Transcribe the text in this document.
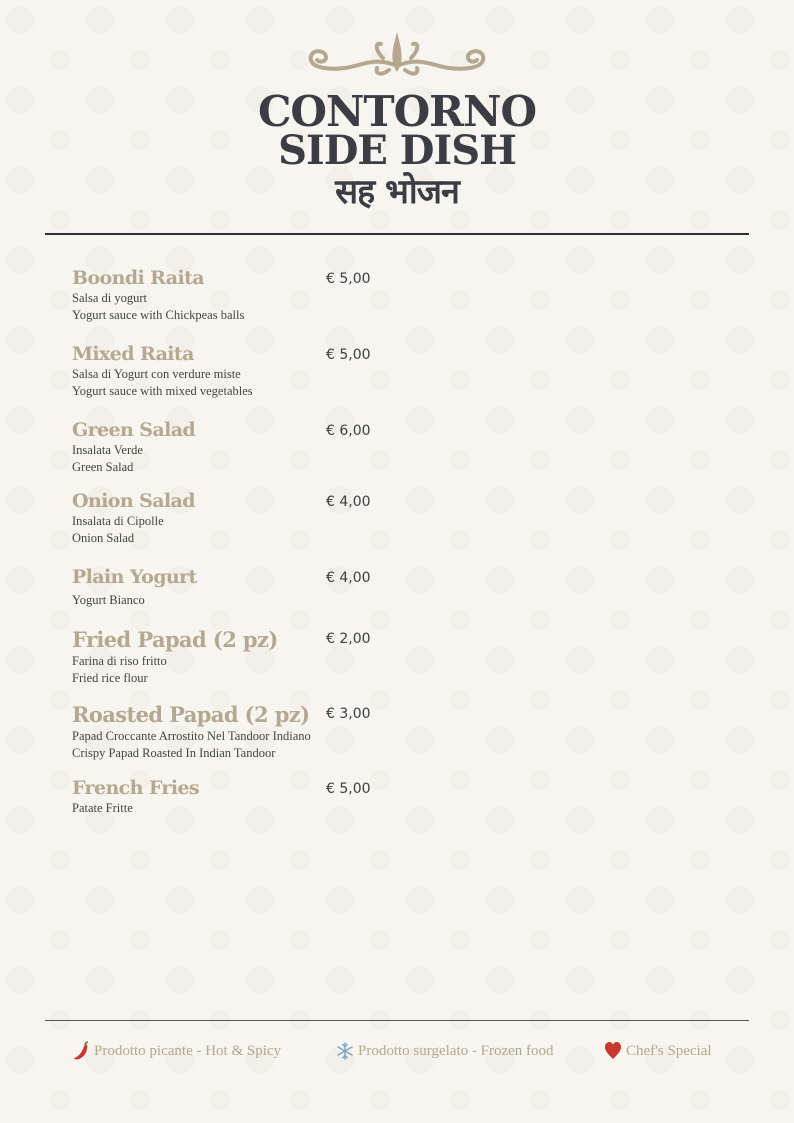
CONTORNO
SIDE DISH
सह भोजन
Boondi Raita	€ 5,00
Salsa di yogurt
Yogurt sauce with Chickpeas balls
Mixed Raita	€ 5,00
Salsa di Yogurt con verdure miste
Yogurt sauce with mixed vegetables
Green Salad	€ 6,00
Insalata Verde
Green Salad
Onion Salad	€ 4,00
Insalata di Cipolle
Onion Salad
Plain Yogurt	€ 4,00
Yogurt Bianco
Fried Papad (2 pz)	€ 2,00
Farina di riso fritto
Fried rice flour
Roasted Papad (2 pz)	€ 3,00
Papad Croccante Arrostito Nel Tandoor Indiano
Crispy Papad Roasted In Indian Tandoor
French Fries	€ 5,00
Patate Fritte
Prodotto picante - Hot & Spicy	Prodotto surgelato - Frozen food	Chef's Special
